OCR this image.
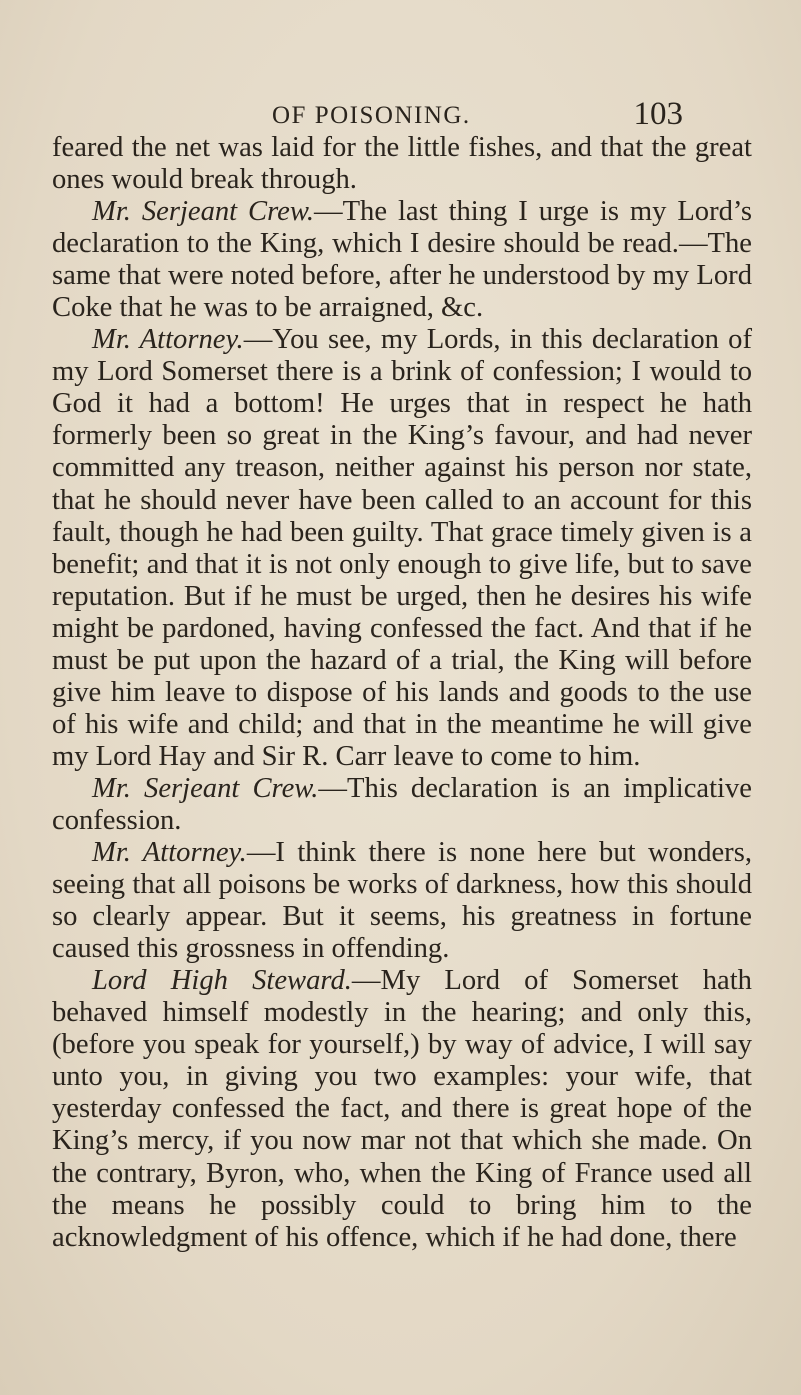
OF POISONING.	103

feared the net was laid for the little fishes, and that the great ones would break through.

Mr. Serjeant Crew.—The last thing I urge is my Lord’s declaration to the King, which I desire should be read.—The same that were noted before, after he understood by my Lord Coke that he was to be arraigned, &c.

Mr. Attorney.—You see, my Lords, in this declaration of my Lord Somerset there is a brink of confession; I would to God it had a bottom! He urges that in respect he hath formerly been so great in the King’s favour, and had never committed any treason, neither against his person nor state, that he should never have been called to an account for this fault, though he had been guilty. That grace timely given is a benefit; and that it is not only enough to give life, but to save reputation. But if he must be urged, then he desires his wife might be pardoned, having confessed the fact. And that if he must be put upon the hazard of a trial, the King will before give him leave to dispose of his lands and goods to the use of his wife and child; and that in the meantime he will give my Lord Hay and Sir R. Carr leave to come to him.

Mr. Serjeant Crew.—This declaration is an implicative confession.

Mr. Attorney.—I think there is none here but wonders, seeing that all poisons be works of darkness, how this should so clearly appear. But it seems, his greatness in fortune caused this grossness in offending.

Lord High Steward.—My Lord of Somerset hath behaved himself modestly in the hearing; and only this, (before you speak for yourself,) by way of advice, I will say unto you, in giving you two examples: your wife, that yesterday confessed the fact, and there is great hope of the King’s mercy, if you now mar not that which she made. On the contrary, Byron, who, when the King of France used all the means he possibly could to bring him to the acknowledgment of his offence, which if he had done, there
